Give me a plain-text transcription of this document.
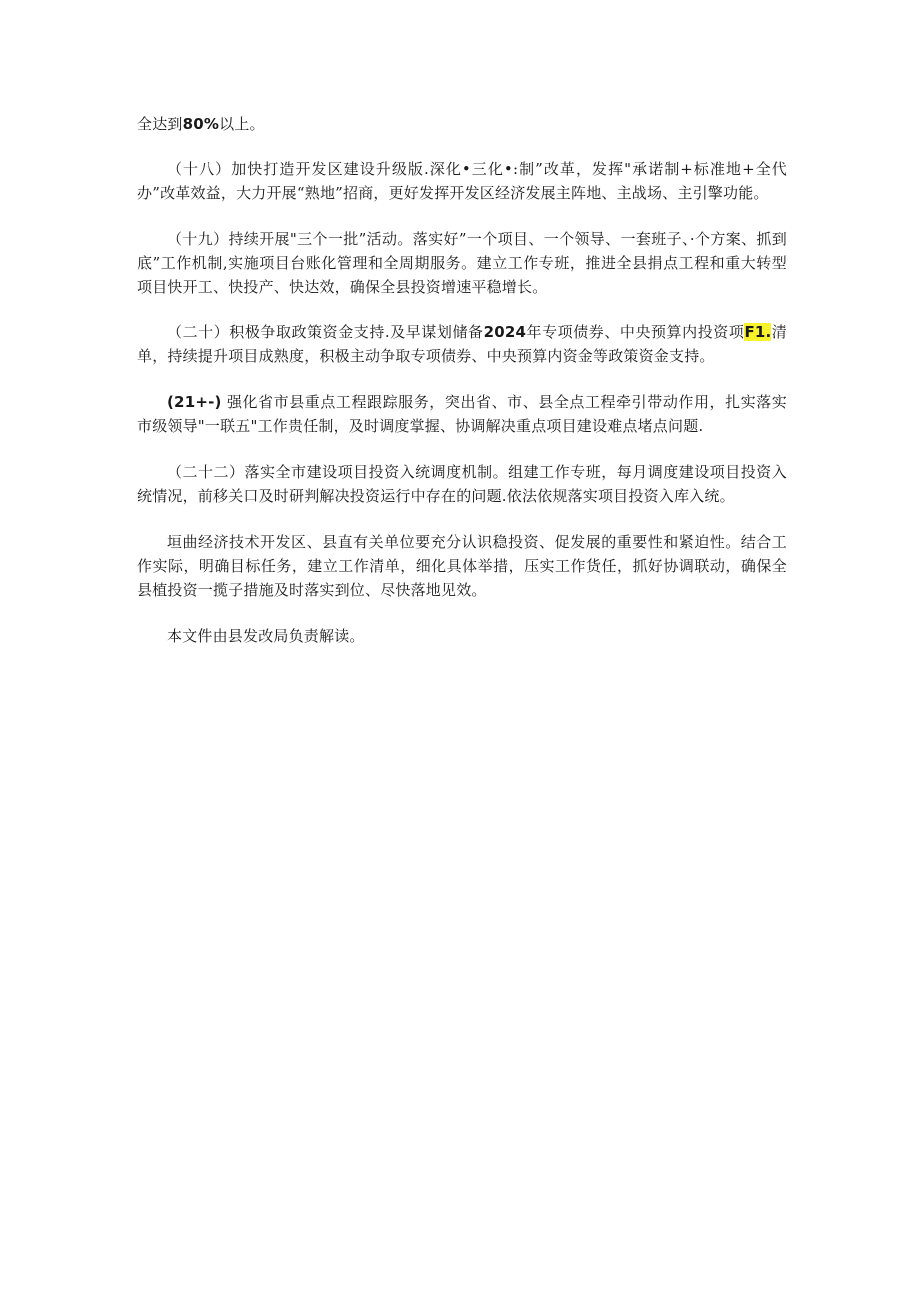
全达到80%以上。

（十八）加快打造开发区建设升级版.深化•三化•:制”改革，发挥"承诺制+标准地+全代办”改革效益，大力开展“熟地”招商，更好发挥开发区经济发展主阵地、主战场、主引擎功能。

（十九）持续开展"三个一批”活动。落实好”一个项目、一个领导、一套班子、·个方案、抓到底”工作机制,实施项目台账化管理和全周期服务。建立工作专班，推进全县捐点工程和重大转型项目快开工、快投产、快达效，确保全县投资增速平稳增长。

（二十）积极争取政策资金支持.及早谋划储备2024年专项债券、中央预算内投资项F1.清单，持续提升项目成熟度，积极主动争取专项债券、中央预算内资金等政策资金支持。

(21+-) 强化省市县重点工程跟踪服务，突出省、市、县全点工程牵引带动作用，扎实落实市级领导"一联五"工作贵任制，及时调度掌握、协调解决重点项目建设难点堵点问题.

（二十二）落实全市建设项目投资入统调度机制。组建工作专班，每月调度建设项目投资入统情况，前移关口及时研判解决投资运行中存在的问题.依法依规落实项目投资入库入统。

垣曲经济技术开发区、县直有关单位要充分认识稳投资、促发展的重要性和紧迫性。结合工作实际，明确目标任务，建立工作清单，细化具体举措，压实工作货任，抓好协调联动，确保全县植投资一揽子措施及时落实到位、尽快落地见效。

本文件由县发改局负责解读。
